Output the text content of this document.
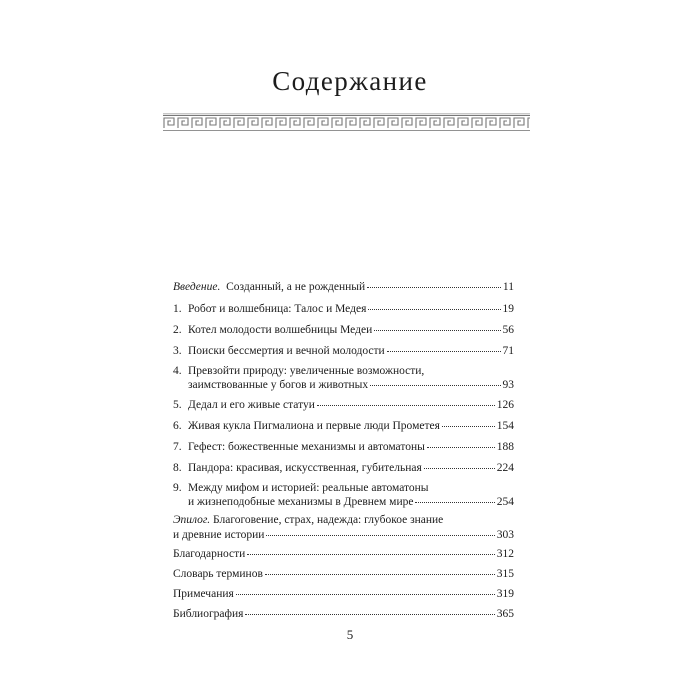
Содержание
Введение.
Созданный, а не рожденный	11
1. Робот и волшебница: Талос и Медея	19
2. Котел молодости волшебницы Медеи	56
3. Поиски бессмертия и вечной молодости	71
4. Превзойти природу: увеличенные возможности,
заимствованные у богов и животных	93
5. Дедал и его живые статуи	126
6. Живая кукла Пигмалиона и первые люди Прометея	154
7. Гефест: божественные механизмы и автоматоны	188
8. Пандора: красивая, искусственная, губительная	224
9. Между мифом и историей: реальные автоматоны
и жизнеподобные механизмы в Древнем мире	254
Эпилог.
Благоговение, страх, надежда: глубокое знание
и древние истории	303
Благодарности	312
Словарь терминов	315
Примечания	319
Библиография	365
5
